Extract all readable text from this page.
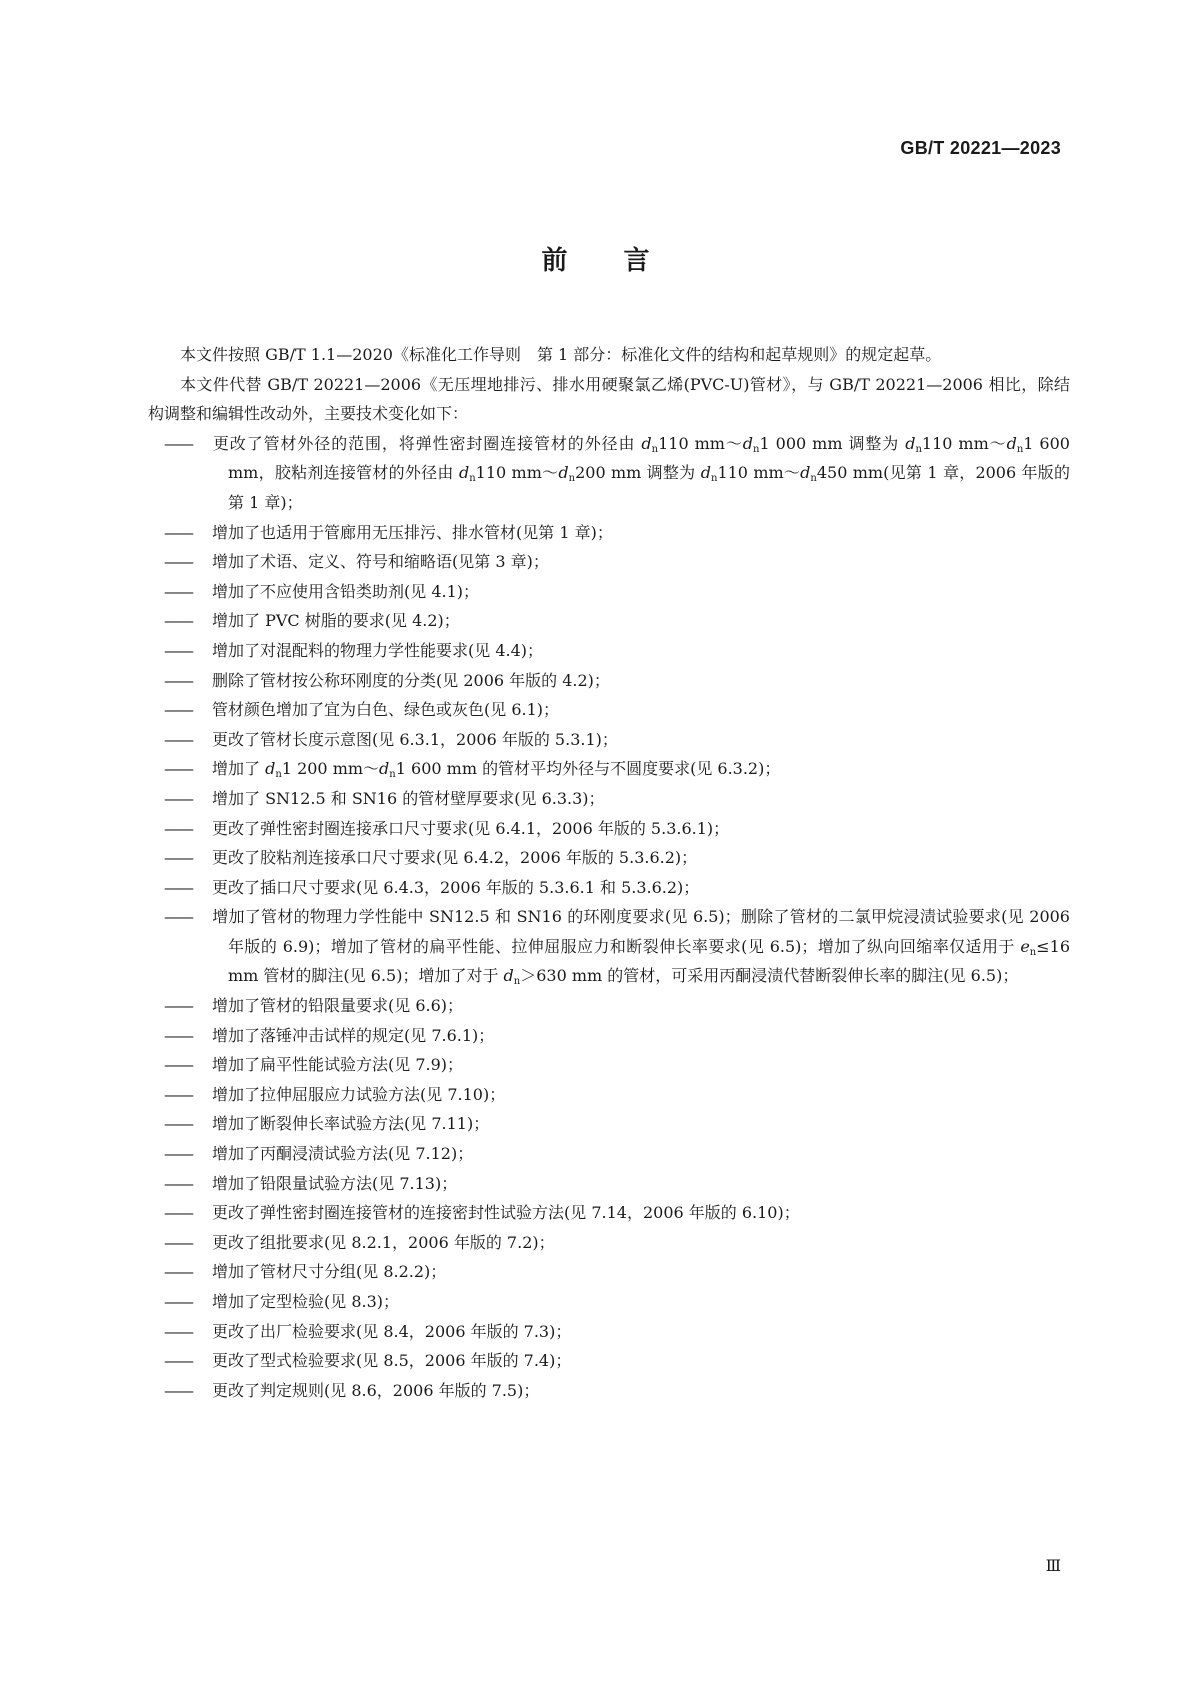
GB/T 20221—2023
前言

本文件按照 GB/T 1.1—2020《标准化工作导则　第 1 部分：标准化文件的结构和起草规则》的规定起草。

本文件代替 GB/T 20221—2006《无压埋地排污、排水用硬聚氯乙烯(PVC-U)管材》，与 GB/T 20221—2006 相比，除结构调整和编辑性改动外，主要技术变化如下：

—— 更改了管材外径的范围，将弹性密封圈连接管材的外径由 $d_n110$ $mm\sim d_n1$ 000 mm 调整为 $d_n110$ $mm\sim d_n1$ 600 mm，胶粘剂连接管材的外径由 $d_n110$ $mm\sim d_n200$ mm 调整为 $d_n110$ $mm\sim d_n450$ mm(见第 1 章，2006 年版的第 1 章)；

—— 增加了也适用于管廊用无压排污、排水管材(见第 1 章)；

—— 增加了术语、定义、符号和缩略语(见第 3 章)；

—— 增加了不应使用含铅类助剂(见 4.1)；

—— 增加了 PVC 树脂的要求(见 4.2)；

—— 增加了对混配料的物理力学性能要求(见 4.4)；

—— 删除了管材按公称环刚度的分类(见 2006 年版的 4.2)；

—— 管材颜色增加了宜为白色、绿色或灰色(见 6.1)；

—— 更改了管材长度示意图(见 6.3.1，2006 年版的 5.3.1)；

—— 增加了 $d_n1$ 200 $mm\sim d_n1$ 600 mm 的管材平均外径与不圆度要求(见 6.3.2)；

—— 增加了 SN12.5 和 SN16 的管材壁厚要求(见 6.3.3)；

—— 更改了弹性密封圈连接承口尺寸要求(见 6.4.1，2006 年版的 5.3.6.1)；

—— 更改了胶粘剂连接承口尺寸要求(见 6.4.2，2006 年版的 5.3.6.2)；

—— 更改了插口尺寸要求(见 6.4.3，2006 年版的 5.3.6.1 和 5.3.6.2)；

—— 增加了管材的物理力学性能中 SN12.5 和 SN16 的环刚度要求(见 6.5)；删除了管材的二氯甲烷浸渍试验要求(见 2006 年版的 6.9)；增加了管材的扁平性能、拉伸屈服应力和断裂伸长率要求(见 6.5)；增加了纵向回缩率仅适用于 $e_n\le 16$ mm 管材的脚注(见 6.5)；增加了对于 $d_n>630$ mm 的管材，可采用丙酮浸渍代替断裂伸长率的脚注(见 6.5)；

—— 增加了管材的铅限量要求(见 6.6)；

—— 增加了落锤冲击试样的规定(见 7.6.1)；

—— 增加了扁平性能试验方法(见 7.9)；

—— 增加了拉伸屈服应力试验方法(见 7.10)；

—— 增加了断裂伸长率试验方法(见 7.11)；

—— 增加了丙酮浸渍试验方法(见 7.12)；

—— 增加了铅限量试验方法(见 7.13)；

—— 更改了弹性密封圈连接管材的连接密封性试验方法(见 7.14，2006 年版的 6.10)；

—— 更改了组批要求(见 8.2.1，2006 年版的 7.2)；

—— 增加了管材尺寸分组(见 8.2.2)；

—— 增加了定型检验(见 8.3)；

—— 更改了出厂检验要求(见 8.4，2006 年版的 7.3)；

—— 更改了型式检验要求(见 8.5，2006 年版的 7.4)；

—— 更改了判定规则(见 8.6，2006 年版的 7.5)；

Ⅲ
